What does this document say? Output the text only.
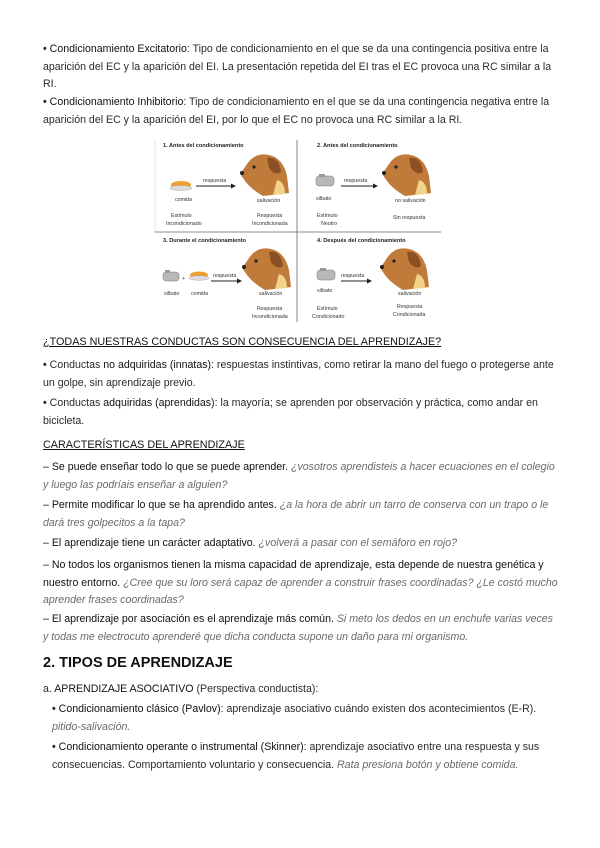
• Condicionamiento Excitatorio: Tipo de condicionamiento en el que se da una contingencia positiva entre la aparición del EC y la aparición del EI. La presentación repetida del EI tras el EC provoca una RC similar a la RI.

• Condicionamiento Inhibitorio: Tipo de condicionamiento en el que se da una contingencia negativa entre la aparición del EC y la aparición del EI, por lo que el EC no provoca una RC similar a la RI.

1. Antes del condicionamiento
comida
respuesta
salivación
Estímulo
Incondicionado
Respuesta
Incondicionada
2. Antes del condicionamiento
silbato
respuesta
no salivación
Estímulo
Neutro
Sin respuesta
3. Durante el condicionamiento
+
silbato comida
respuesta
salivación
Respuesta
Incondicionada
4. Después del condicionamiento
silbato
respuesta
salivación
Estímulo
Condicionado
Respuesta
Condicionada

¿TODAS NUESTRAS CONDUCTAS SON CONSECUENCIA DEL APRENDIZAJE?

• Conductas no adquiridas (innatas): respuestas instintivas, como retirar la mano del fuego o protegerse ante un golpe, sin aprendizaje previo.

• Conductas adquiridas (aprendidas): la mayoría; se aprenden por observación y práctica, como andar en bicicleta.

CARACTERÍSTICAS DEL APRENDIZAJE

– Se puede enseñar todo lo que se puede aprender. ¿vosotros aprendisteis a hacer ecuaciones en el colegio y luego las podríais enseñar a alguien?

– Permite modificar lo que se ha aprendido antes. ¿a la hora de abrir un tarro de conserva con un trapo o le dará tres golpecitos a la tapa?

– El aprendizaje tiene un carácter adaptativo. ¿volverá a pasar con el semáforo en rojo?

– No todos los organismos tienen la misma capacidad de aprendizaje, esta depende de nuestra genética y nuestro entorno. ¿Cree que su loro será capaz de aprender a construir frases coordinadas? ¿Le costó mucho aprender frases coordinadas?

– El aprendizaje por asociación es el aprendizaje más común. Si meto los dedos en un enchufe varias veces y todas me electrocuto aprenderé que dicha conducta supone un daño para mi organismo.

2. TIPOS DE APRENDIZAJE

a. APRENDIZAJE ASOCIATIVO (Perspectiva conductista):

• Condicionamiento clásico (Pavlov): aprendizaje asociativo cuándo existen dos acontecimientos (E-R). pitido-salivación.

• Condicionamiento operante o instrumental (Skinner): aprendizaje asociativo entre una respuesta y sus consecuencias. Comportamiento voluntario y consecuencia. Rata presiona botón y obtiene comida.
